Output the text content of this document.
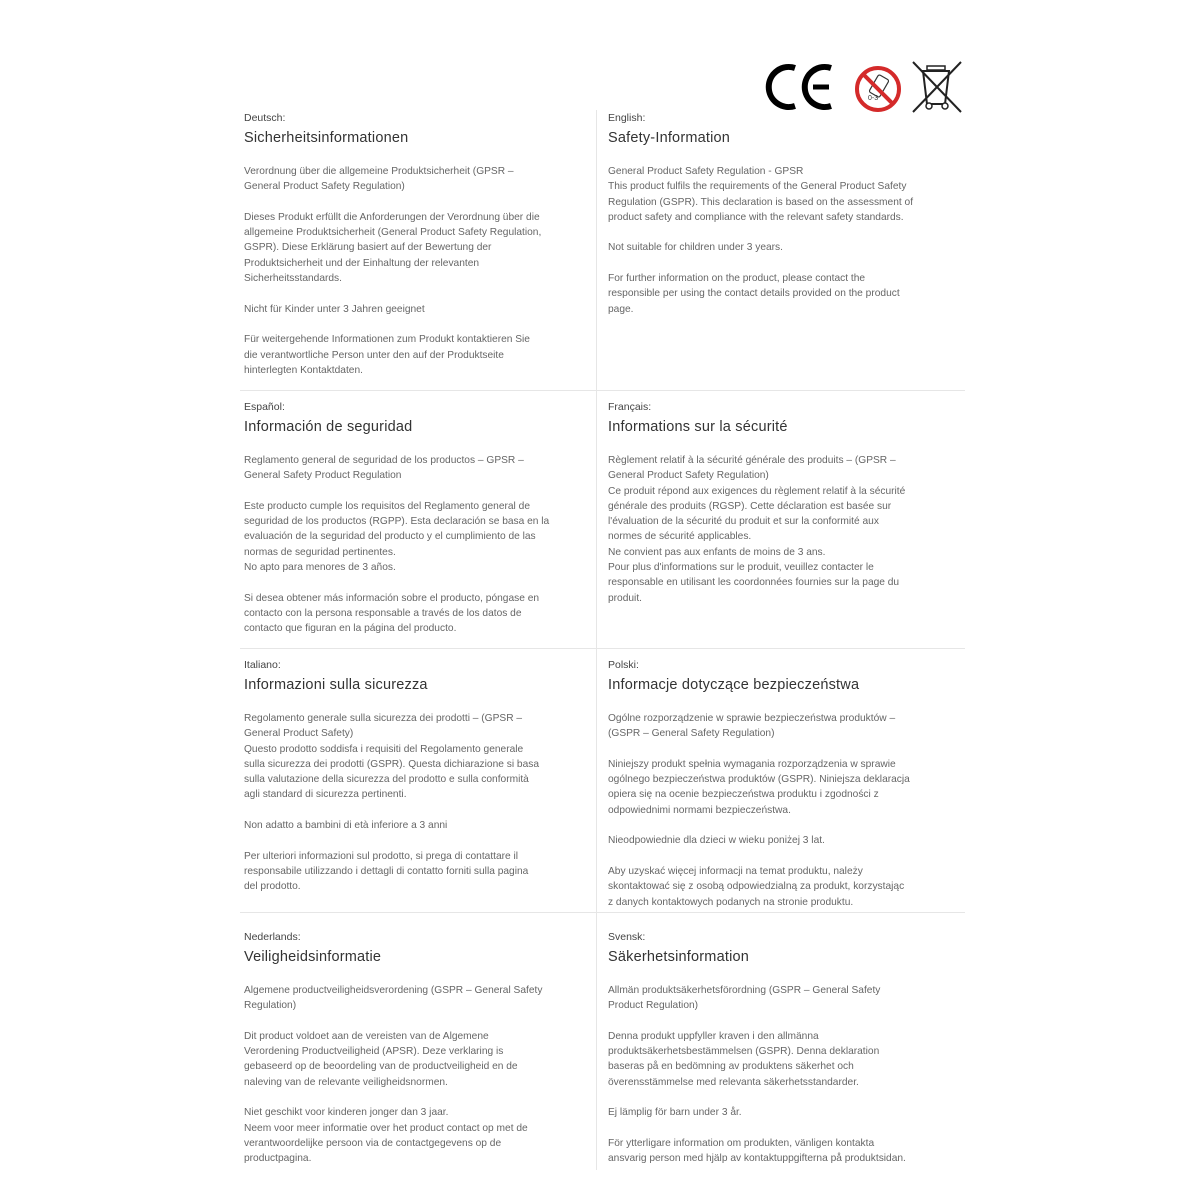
0-3
Deutsch:
Sicherheitsinformationen

Verordnung über die allgemeine Produktsicherheit (GPSR –
General Product Safety Regulation)

Dieses Produkt erfüllt die Anforderungen der Verordnung über die
allgemeine Produktsicherheit (General Product Safety Regulation,
GSPR). Diese Erklärung basiert auf der Bewertung der
Produktsicherheit und der Einhaltung der relevanten
Sicherheitsstandards.

Nicht für Kinder unter 3 Jahren geeignet

Für weitergehende Informationen zum Produkt kontaktieren Sie
die verantwortliche Person unter den auf der Produktseite
hinterlegten Kontaktdaten.

English:
Safety-Information

General Product Safety Regulation - GPSR
This product fulfils the requirements of the General Product Safety
Regulation (GSPR). This declaration is based on the assessment of
product safety and compliance with the relevant safety standards.

Not suitable for children under 3 years.

For further information on the product, please contact the
responsible per using the contact details provided on the product
page.

Español:
Información de seguridad

Reglamento general de seguridad de los productos – GPSR –
General Safety Product Regulation

Este producto cumple los requisitos del Reglamento general de
seguridad de los productos (RGPP). Esta declaración se basa en la
evaluación de la seguridad del producto y el cumplimiento de las
normas de seguridad pertinentes.
No apto para menores de 3 años.

Si desea obtener más información sobre el producto, póngase en
contacto con la persona responsable a través de los datos de
contacto que figuran en la página del producto.

Français:
Informations sur la sécurité

Règlement relatif à la sécurité générale des produits – (GPSR –
General Product Safety Regulation)
Ce produit répond aux exigences du règlement relatif à la sécurité
générale des produits (RGSP). Cette déclaration est basée sur
l'évaluation de la sécurité du produit et sur la conformité aux
normes de sécurité applicables.
Ne convient pas aux enfants de moins de 3 ans.
Pour plus d'informations sur le produit, veuillez contacter le
responsable en utilisant les coordonnées fournies sur la page du
produit.

Italiano:
Informazioni sulla sicurezza

Regolamento generale sulla sicurezza dei prodotti – (GPSR –
General Product Safety)
Questo prodotto soddisfa i requisiti del Regolamento generale
sulla sicurezza dei prodotti (GSPR). Questa dichiarazione si basa
sulla valutazione della sicurezza del prodotto e sulla conformità
agli standard di sicurezza pertinenti.

Non adatto a bambini di età inferiore a 3 anni

Per ulteriori informazioni sul prodotto, si prega di contattare il
responsabile utilizzando i dettagli di contatto forniti sulla pagina
del prodotto.

Polski:
Informacje dotyczące bezpieczeństwa

Ogólne rozporządzenie w sprawie bezpieczeństwa produktów –
(GSPR – General Safety Regulation)

Niniejszy produkt spełnia wymagania rozporządzenia w sprawie
ogólnego bezpieczeństwa produktów (GSPR). Niniejsza deklaracja
opiera się na ocenie bezpieczeństwa produktu i zgodności z
odpowiednimi normami bezpieczeństwa.

Nieodpowiednie dla dzieci w wieku poniżej 3 lat.

Aby uzyskać więcej informacji na temat produktu, należy
skontaktować się z osobą odpowiedzialną za produkt, korzystając
z danych kontaktowych podanych na stronie produktu.

Nederlands:
Veiligheidsinformatie

Algemene productveiligheidsverordening (GSPR – General Safety
Regulation)

Dit product voldoet aan de vereisten van de Algemene
Verordening Productveiligheid (APSR). Deze verklaring is
gebaseerd op de beoordeling van de productveiligheid en de
naleving van de relevante veiligheidsnormen.

Niet geschikt voor kinderen jonger dan 3 jaar.
Neem voor meer informatie over het product contact op met de
verantwoordelijke persoon via de contactgegevens op de
productpagina.

Svensk:
Säkerhetsinformation

Allmän produktsäkerhetsförordning (GSPR – General Safety
Product Regulation)

Denna produkt uppfyller kraven i den allmänna
produktsäkerhetsbestämmelsen (GSPR). Denna deklaration
baseras på en bedömning av produktens säkerhet och
överensstämmelse med relevanta säkerhetsstandarder.

Ej lämplig för barn under 3 år.

För ytterligare information om produkten, vänligen kontakta
ansvarig person med hjälp av kontaktuppgifterna på produktsidan.
